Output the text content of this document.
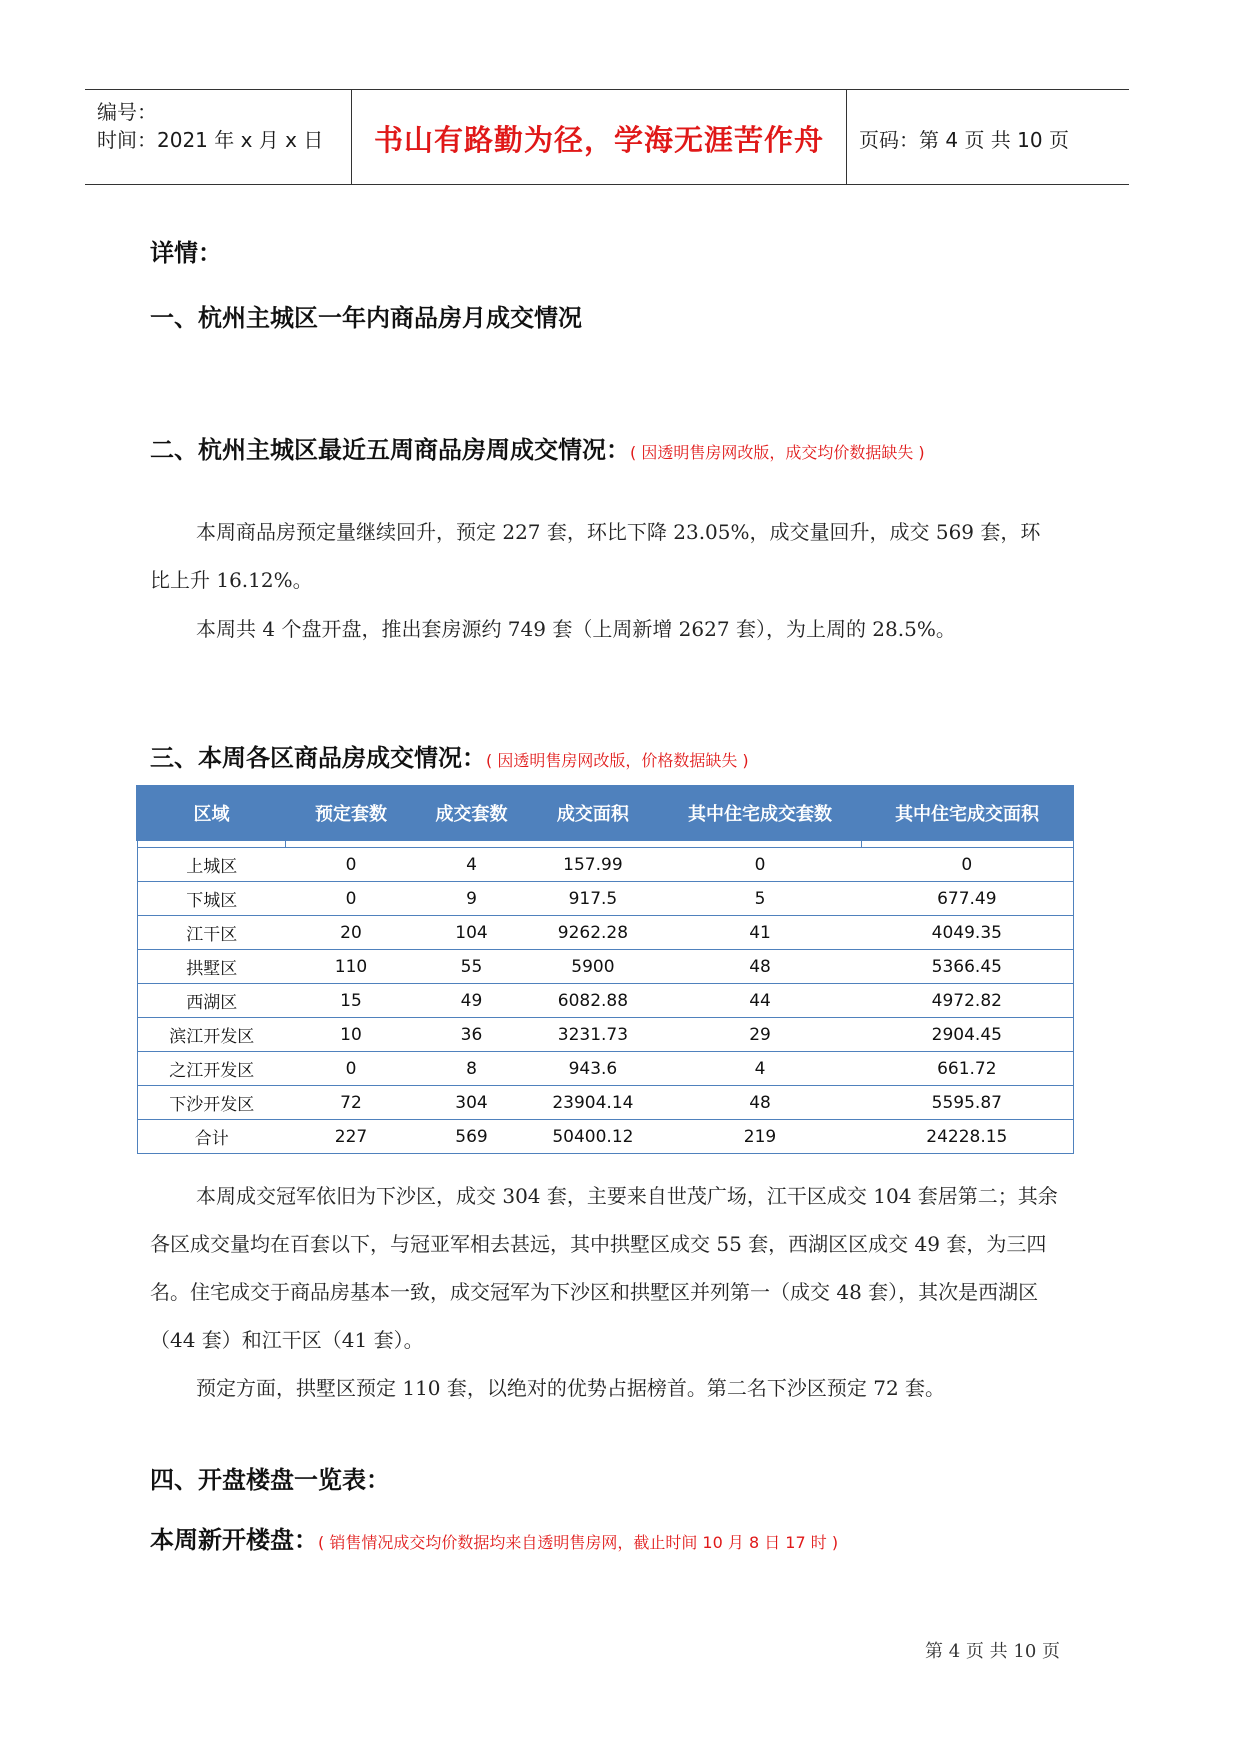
编号：
时间：2021 年 x 月 x 日	书山有路勤为径，学海无涯苦作舟	页码：第 4 页 共 10 页
详情：
一、杭州主城区一年内商品房月成交情况
二、杭州主城区最近五周商品房周成交情况：( 因透明售房网改版，成交均价数据缺失 )
本周商品房预定量继续回升，预定 227 套，环比下降 23.05%，成交量回升，成交 569 套，环比上升 16.12%。
本周共 4 个盘开盘，推出套房源约 749 套（上周新增 2627 套），为上周的 28.5%。
三、本周各区商品房成交情况：( 因透明售房网改版，价格数据缺失 )
区域	预定套数	成交套数	成交面积	其中住宅成交套数	其中住宅成交面积

上城区	0	4	157.99	0	0
下城区	0	9	917.5	5	677.49
江干区	20	104	9262.28	41	4049.35
拱墅区	110	55	5900	48	5366.45
西湖区	15	49	6082.88	44	4972.82
滨江开发区	10	36	3231.73	29	2904.45
之江开发区	0	8	943.6	4	661.72
下沙开发区	72	304	23904.14	48	5595.87
合计	227	569	50400.12	219	24228.15
本周成交冠军依旧为下沙区，成交 304 套，主要来自世茂广场，江干区成交 104 套居第二；其余各区成交量均在百套以下，与冠亚军相去甚远，其中拱墅区成交 55 套，西湖区区成交 49 套，为三四名。住宅成交于商品房基本一致，成交冠军为下沙区和拱墅区并列第一（成交 48 套），其次是西湖区（44 套）和江干区（41 套）。
预定方面，拱墅区预定 110 套，以绝对的优势占据榜首。第二名下沙区预定 72 套。
四、开盘楼盘一览表：
本周新开楼盘：( 销售情况成交均价数据均来自透明售房网，截止时间 10 月 8 日 17 时 )
第 4 页 共 10 页
